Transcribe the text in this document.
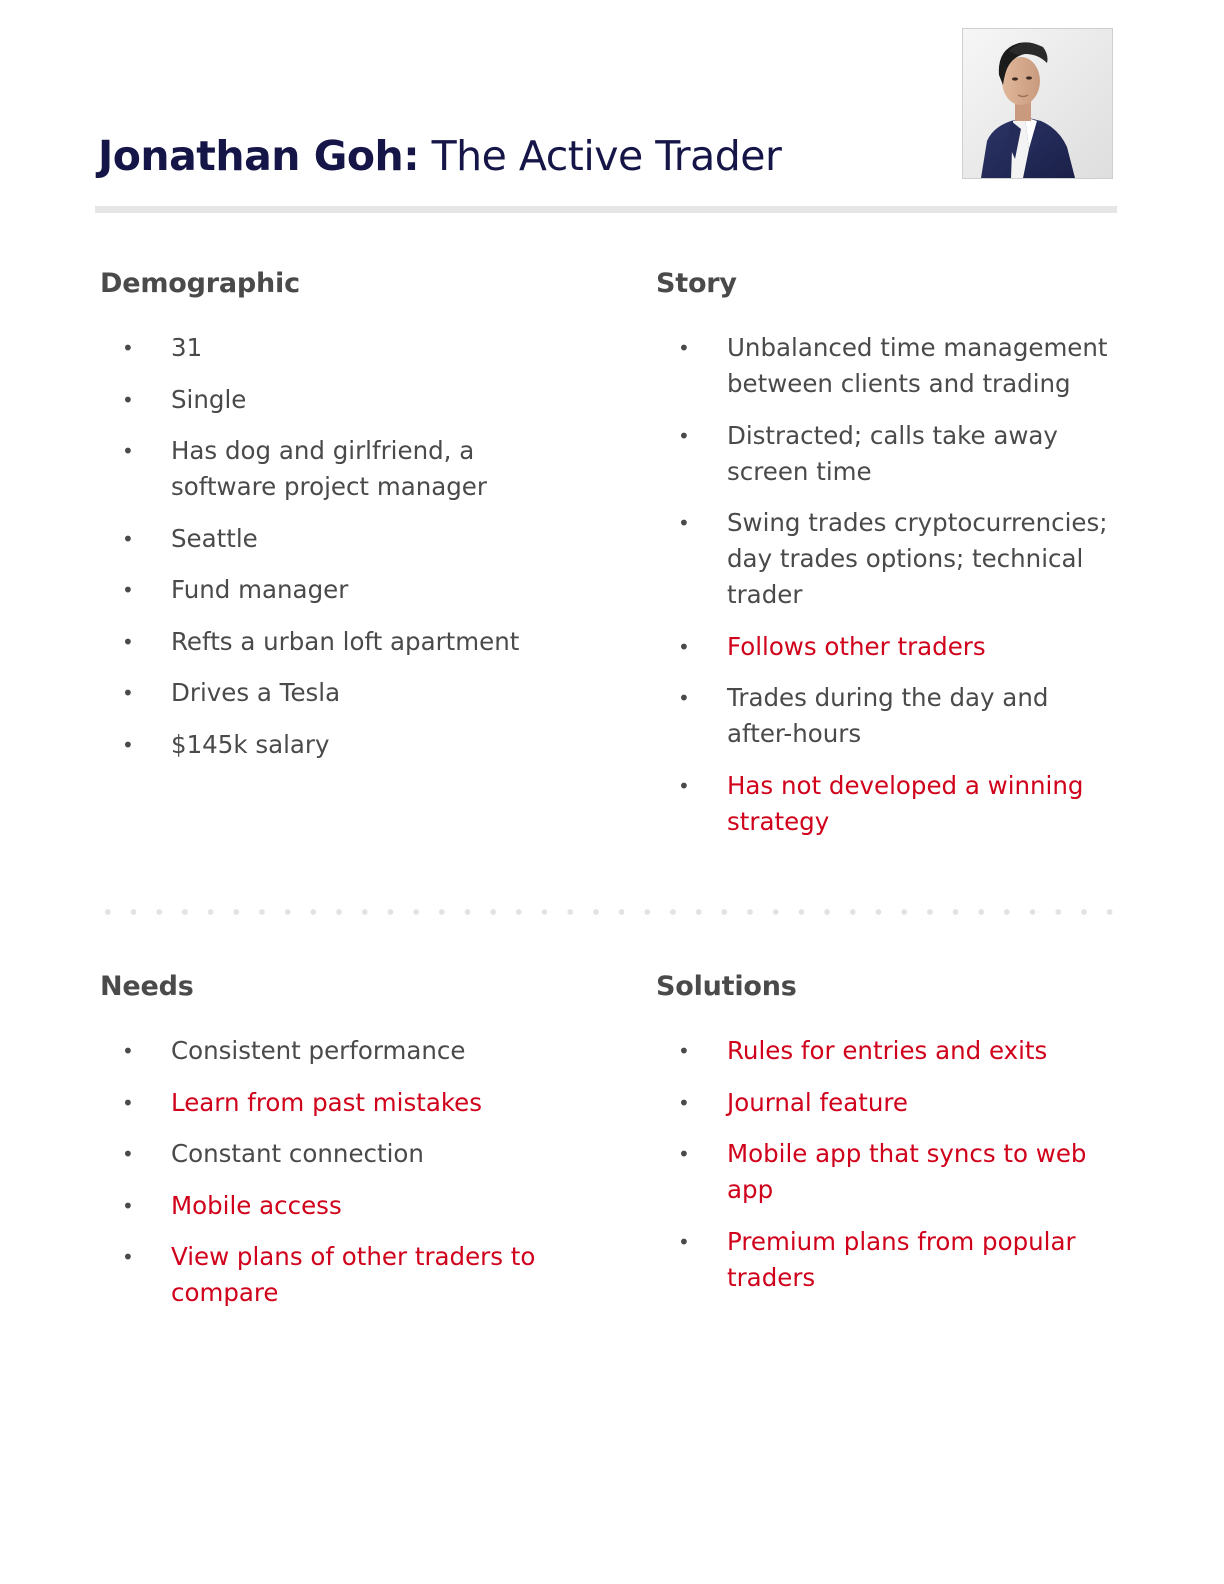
Jonathan Goh: The Active Trader
Demographic
• 31
• Single
• Has dog and girlfriend, a software project manager
• Seattle
• Fund manager
• Refts a urban loft apartment
• Drives a Tesla
• $145k salary
Story
• Unbalanced time management between clients and trading
• Distracted; calls take away screen time
• Swing trades cryptocurrencies; day trades options; technical trader
• Follows other traders
• Trades during the day and after-hours
• Has not developed a winning strategy
Needs
• Consistent performance
• Learn from past mistakes
• Constant connection
• Mobile access
• View plans of other traders to compare
Solutions
• Rules for entries and exits
• Journal feature
• Mobile app that syncs to web app
• Premium plans from popular traders
